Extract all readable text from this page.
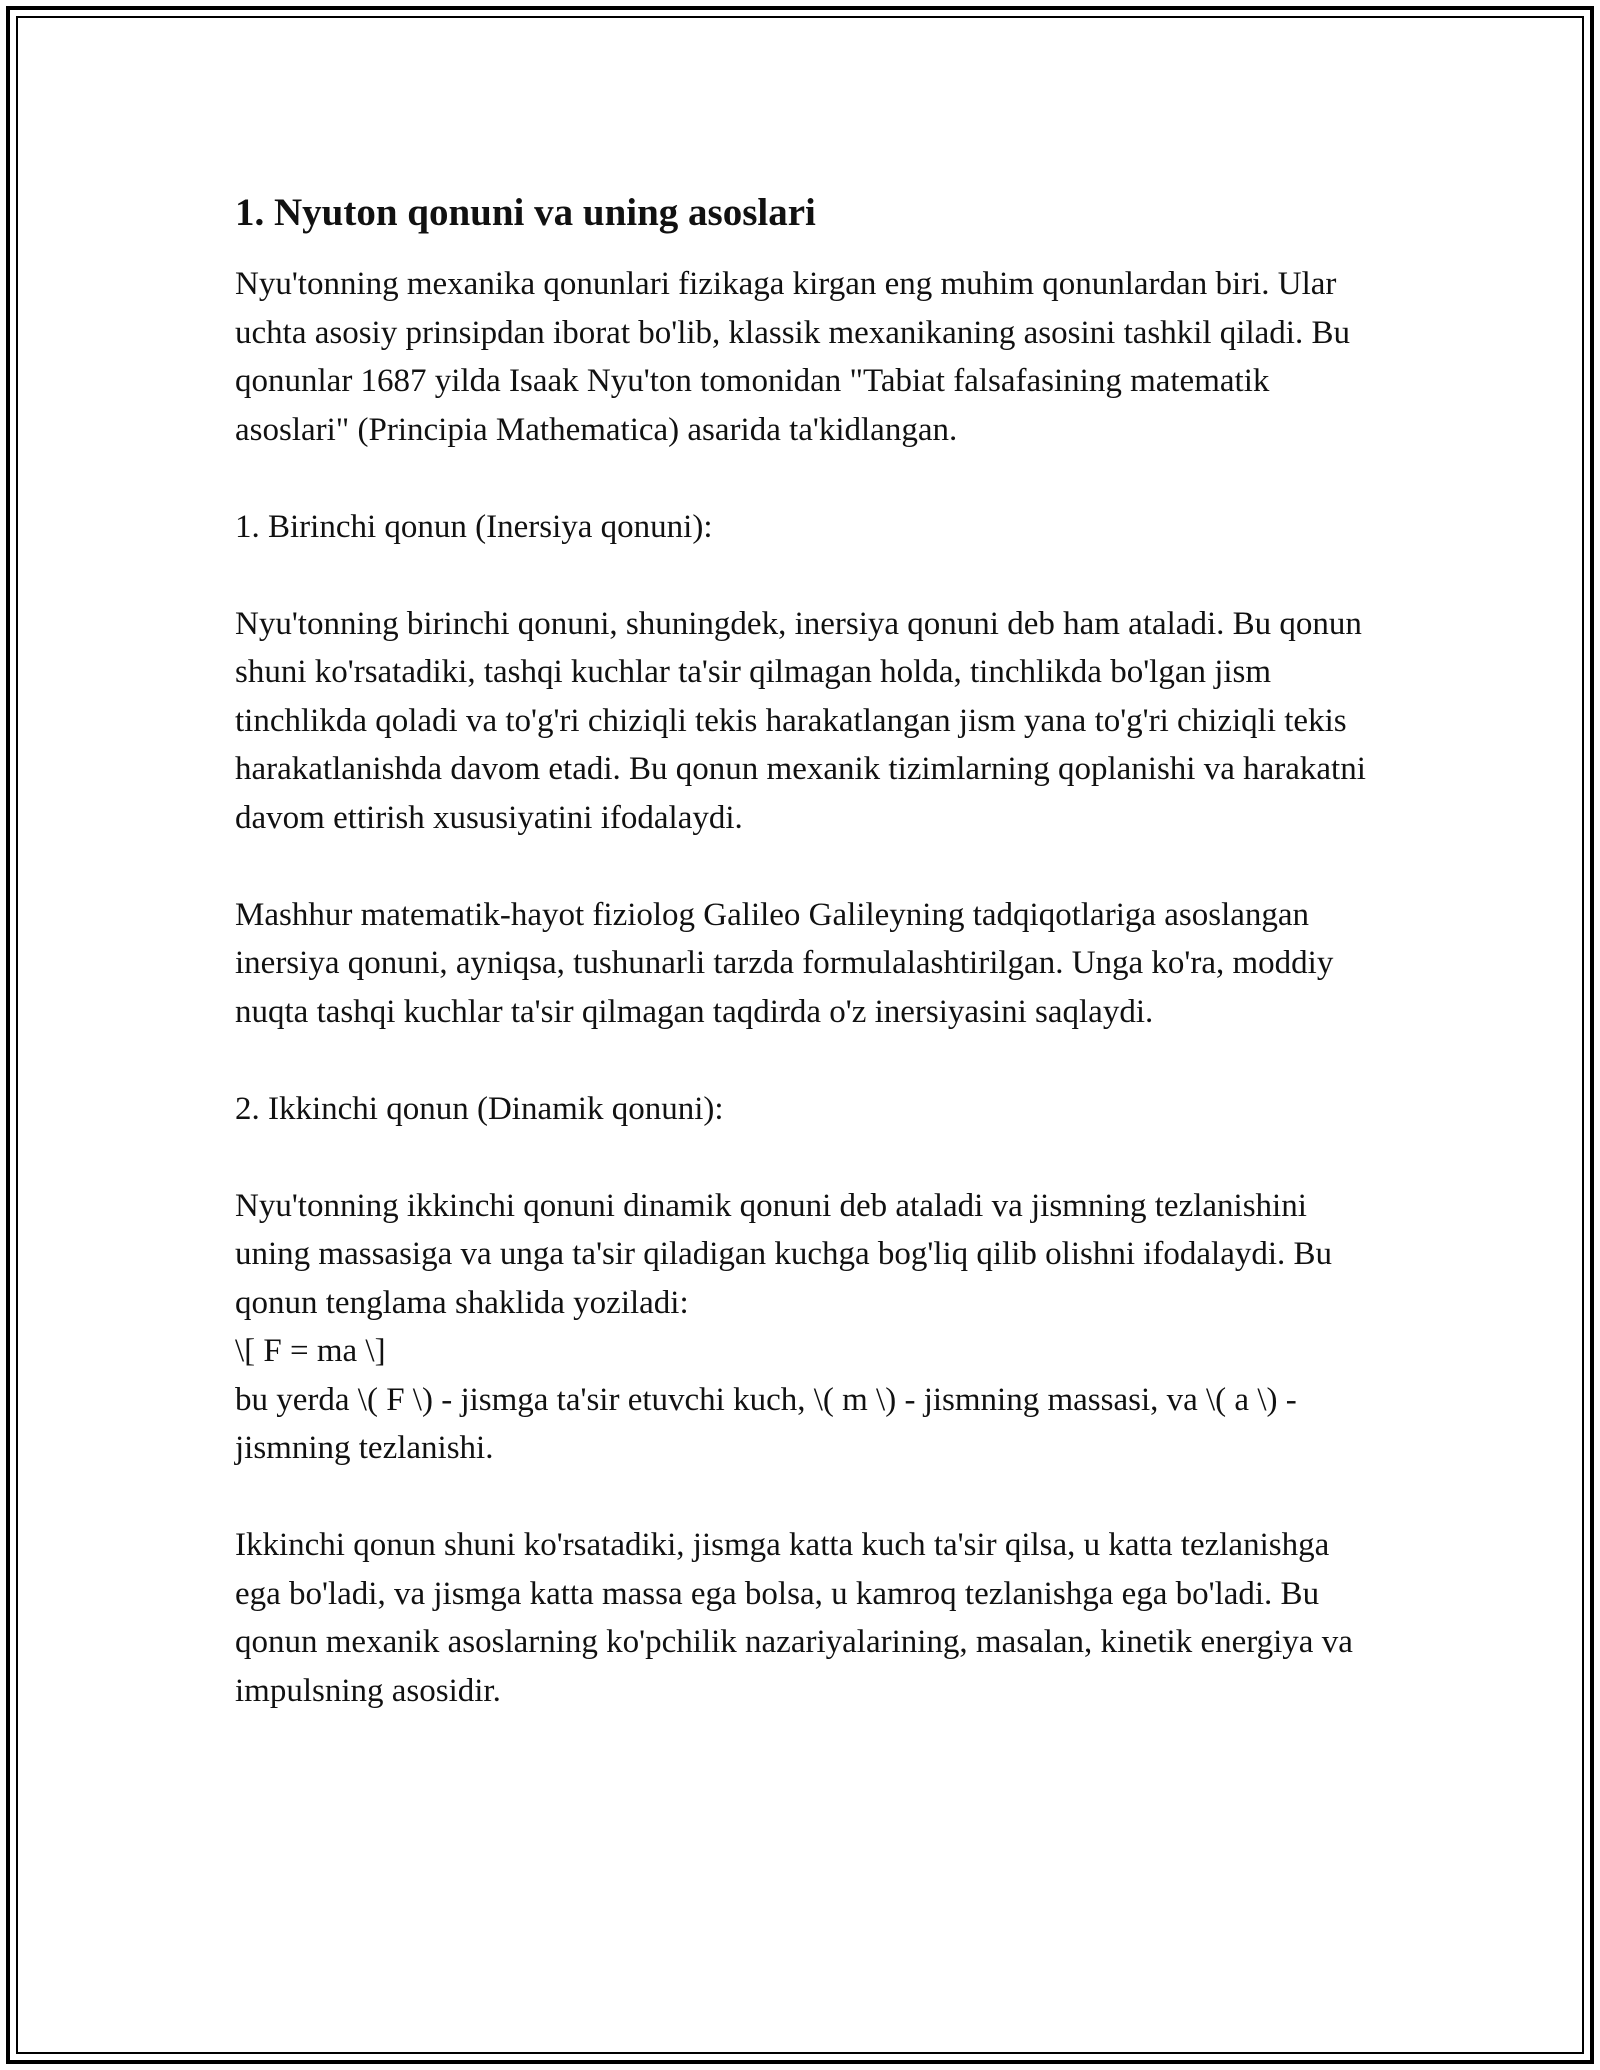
1. Nyuton qonuni va uning asoslari

Nyu'tonning mexanika qonunlari fizikaga kirgan eng muhim qonunlardan biri. Ular uchta asosiy prinsipdan iborat bo'lib, klassik mexanikaning asosini tashkil qiladi. Bu qonunlar 1687 yilda Isaak Nyu'ton tomonidan "Tabiat falsafasining matematik asoslari" (Principia Mathematica) asarida ta'kidlangan.

1. Birinchi qonun (Inersiya qonuni):

Nyu'tonning birinchi qonuni, shuningdek, inersiya qonuni deb ham ataladi. Bu qonun shuni ko'rsatadiki, tashqi kuchlar ta'sir qilmagan holda, tinchlikda bo'lgan jism tinchlikda qoladi va to'g'ri chiziqli tekis harakatlangan jism yana to'g'ri chiziqli tekis harakatlanishda davom etadi. Bu qonun mexanik tizimlarning qoplanishi va harakatni davom ettirish xususiyatini ifodalaydi.

Mashhur matematik-hayot fiziolog Galileo Galileyning tadqiqotlariga asoslangan inersiya qonuni, ayniqsa, tushunarli tarzda formulalashtirilgan. Unga ko'ra, moddiy nuqta tashqi kuchlar ta'sir qilmagan taqdirda o'z inersiyasini saqlaydi.

2. Ikkinchi qonun (Dinamik qonuni):

Nyu'tonning ikkinchi qonuni dinamik qonuni deb ataladi va jismning tezlanishini uning massasiga va unga ta'sir qiladigan kuchga bog'liq qilib olishni ifodalaydi. Bu qonun tenglama shaklida yoziladi:
\[ F = ma \]
bu yerda \( F \) - jismga ta'sir etuvchi kuch, \( m \) - jismning massasi, va \( a \) - jismning tezlanishi.

Ikkinchi qonun shuni ko'rsatadiki, jismga katta kuch ta'sir qilsa, u katta tezlanishga ega bo'ladi, va jismga katta massa ega bolsa, u kamroq tezlanishga ega bo'ladi. Bu qonun mexanik asoslarning ko'pchilik nazariyalarining, masalan, kinetik energiya va impulsning asosidir.
